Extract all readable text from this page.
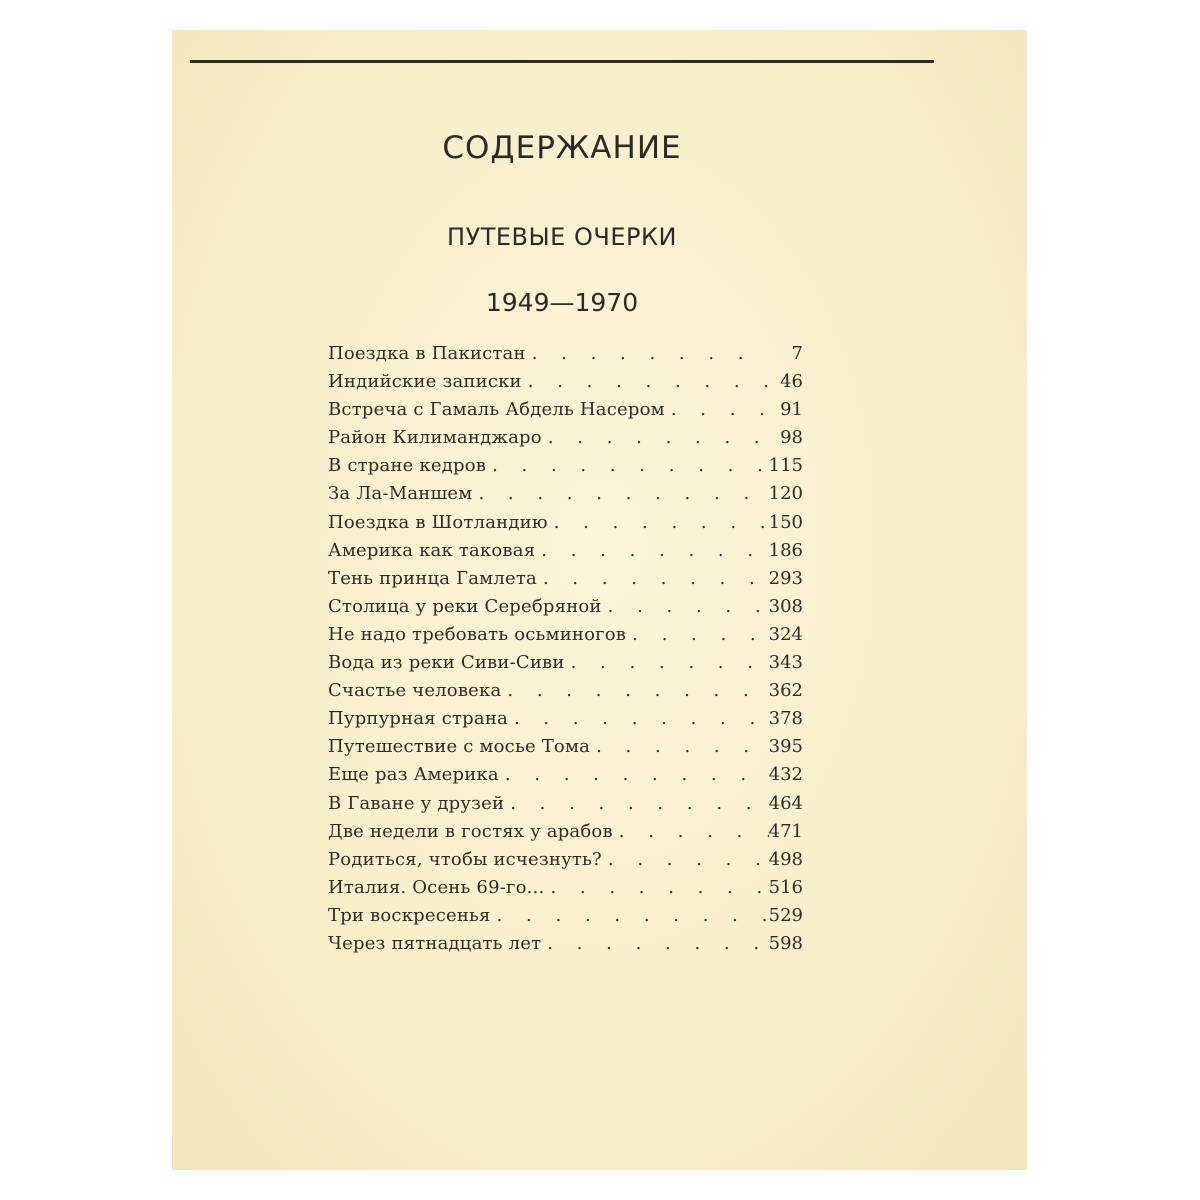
СОДЕРЖАНИЕ
ПУТЕВЫЕ ОЧЕРКИ
1949—1970
Поездка в Пакистан . . .	7
Индийские записки . . .	46
Встреча с Гамаль Абдель Насером . . .	91
Район Килиманджаро . . .	98
В стране кедров . . .	115
За Ла-Маншем . . .	120
Поездка в Шотландию . . .	150
Америка как таковая . . .	186
Тень принца Гамлета . . .	293
Столица у реки Серебряной . . .	308
Не надо требовать осьминогов . . .	324
Вода из реки Сиви-Сиви . . .	343
Счастье человека . . .	362
Пурпурная страна . . .	378
Путешествие с мосье Тома . . .	395
Еще раз Америка . . .	432
В Гаване у друзей . . .	464
Две недели в гостях у арабов . . .	471
Родиться, чтобы исчезнуть? . . .	498
Италия. Осень 69-го... . . .	516
Три воскресенья . . .	529
Через пятнадцать лет . . .	598
